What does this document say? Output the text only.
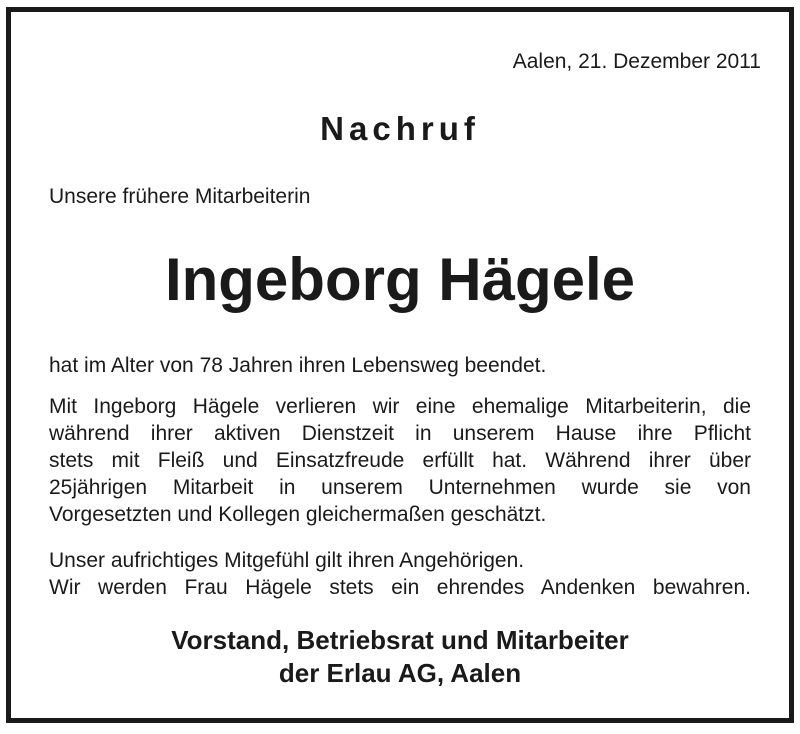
Aalen, 21. Dezember 2011
Nachruf
Unsere frühere Mitarbeiterin
Ingeborg Hägele

hat im Alter von 78 Jahren ihren Lebensweg beendet.

Mit Ingeborg Hägele verlieren wir eine ehemalige Mitarbeiterin, die
während ihrer aktiven Dienstzeit in unserem Hause ihre Pflicht
stets mit Fleiß und Einsatzfreude erfüllt hat. Während ihrer über
25jährigen Mitarbeit in unserem Unternehmen wurde sie von
Vorgesetzten und Kollegen gleichermaßen geschätzt.

Unser aufrichtiges Mitgefühl gilt ihren Angehörigen.
Wir werden Frau Hägele stets ein ehrendes Andenken bewahren.

Vorstand, Betriebsrat und Mitarbeiter
der Erlau AG, Aalen
